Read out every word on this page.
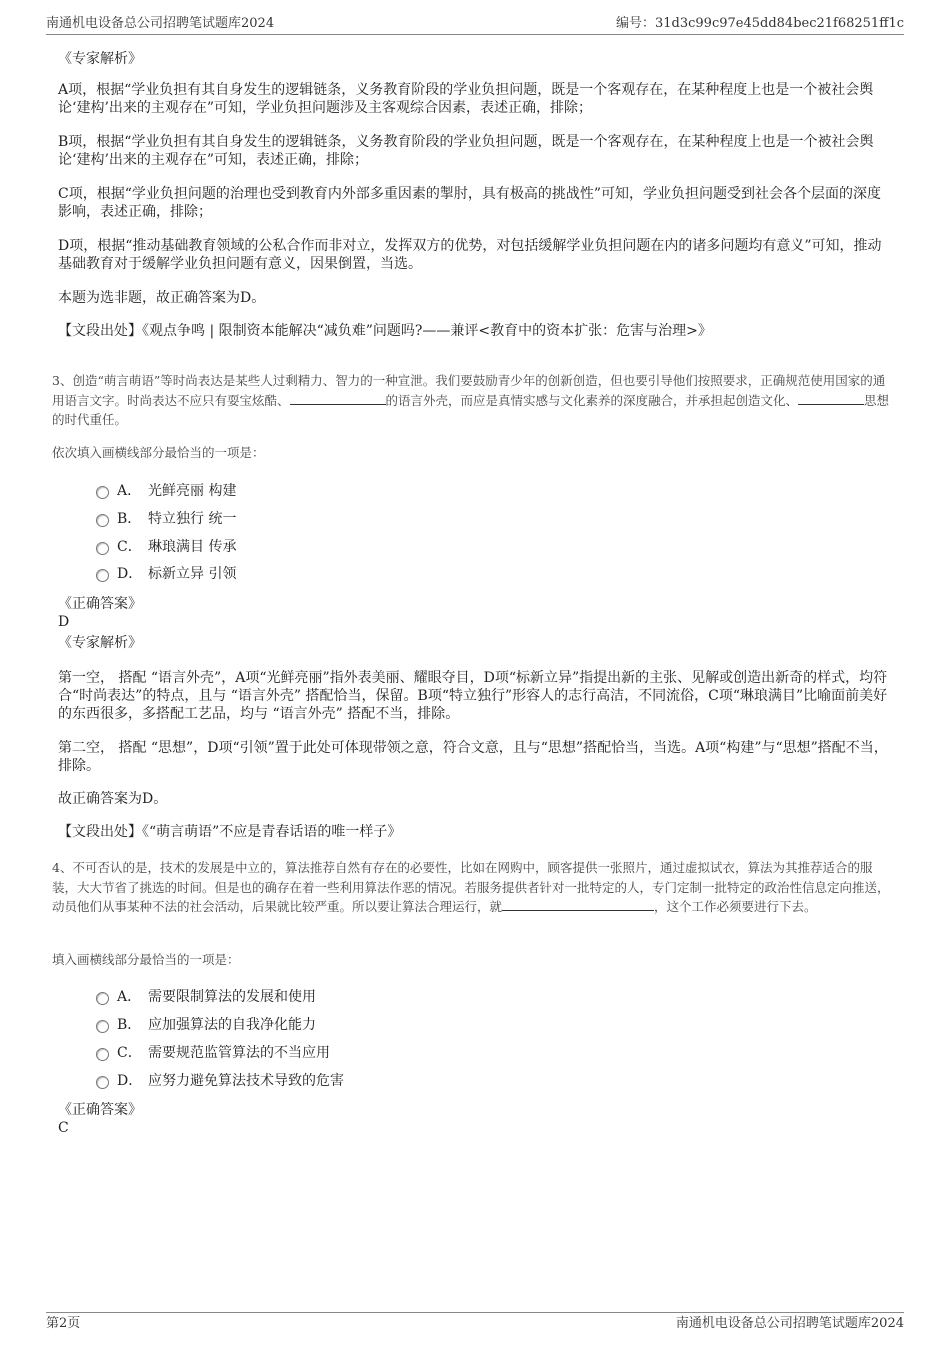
南通机电设备总公司招聘笔试题库2024	编号：31d3c99c97e45dd84bec21f68251ff1c
《专家解析》
A项，根据“学业负担有其自身发生的逻辑链条，义务教育阶段的学业负担问题，既是一个客观存在，在某种程度上也是一个被社会舆论‘建构’出来的主观存在”可知，学业负担问题涉及主客观综合因素，表述正确，排除；
B项，根据“学业负担有其自身发生的逻辑链条，义务教育阶段的学业负担问题，既是一个客观存在，在某种程度上也是一个被社会舆论‘建构’出来的主观存在”可知，表述正确，排除；
C项，根据“学业负担问题的治理也受到教育内外部多重因素的掣肘，具有极高的挑战性”可知，学业负担问题受到社会各个层面的深度影响，表述正确，排除；
D项，根据“推动基础教育领域的公私合作而非对立，发挥双方的优势，对包括缓解学业负担问题在内的诸多问题均有意义”可知，推动基础教育对于缓解学业负担问题有意义，因果倒置，当选。
本题为选非题，故正确答案为D。
【文段出处】《观点争鸣 | 限制资本能解决“减负难”问题吗?——兼评<教育中的资本扩张：危害与治理>》
3、创造“萌言萌语”等时尚表达是某些人过剩精力、智力的一种宣泄。我们要鼓励青少年的创新创造，但也要引导他们按照要求，正确规范使用国家的通用语言文字。时尚表达不应只有耍宝炫酷、	的语言外壳，而应是真情实感与文化素养的深度融合，并承担起创造文化、	思想的时代重任。
依次填入画横线部分最恰当的一项是：
A． 光鲜亮丽 构建
B． 特立独行 统一
C． 琳琅满目 传承
D． 标新立异 引领
《正确答案》
D
《专家解析》
第一空， 搭配 “语言外壳”，A项“光鲜亮丽”指外表美丽、耀眼夺目，D项“标新立异”指提出新的主张、见解或创造出新奇的样式，均符合“时尚表达”的特点，且与 “语言外壳” 搭配恰当，保留。B项“特立独行”形容人的志行高洁，不同流俗，C项“琳琅满目”比喻面前美好的东西很多，多搭配工艺品，均与 “语言外壳” 搭配不当，排除。
第二空， 搭配 “思想”，D项“引领”置于此处可体现带领之意，符合文意，且与“思想”搭配恰当，当选。A项“构建”与“思想”搭配不当，排除。
故正确答案为D。
【文段出处】《“萌言萌语”不应是青春话语的唯一样子》
4、不可否认的是，技术的发展是中立的，算法推荐自然有存在的必要性，比如在网购中，顾客提供一张照片，通过虚拟试衣，算法为其推荐适合的服装，大大节省了挑选的时间。但是也的确存在着一些利用算法作恶的情况。若服务提供者针对一批特定的人，专门定制一批特定的政治性信息定向推送，动员他们从事某种不法的社会活动，后果就比较严重。所以要让算法合理运行，就	，这个工作必须要进行下去。
填入画横线部分最恰当的一项是：
A． 需要限制算法的发展和使用
B． 应加强算法的自我净化能力
C． 需要规范监管算法的不当应用
D． 应努力避免算法技术导致的危害
《正确答案》
C
第2页	南通机电设备总公司招聘笔试题库2024
